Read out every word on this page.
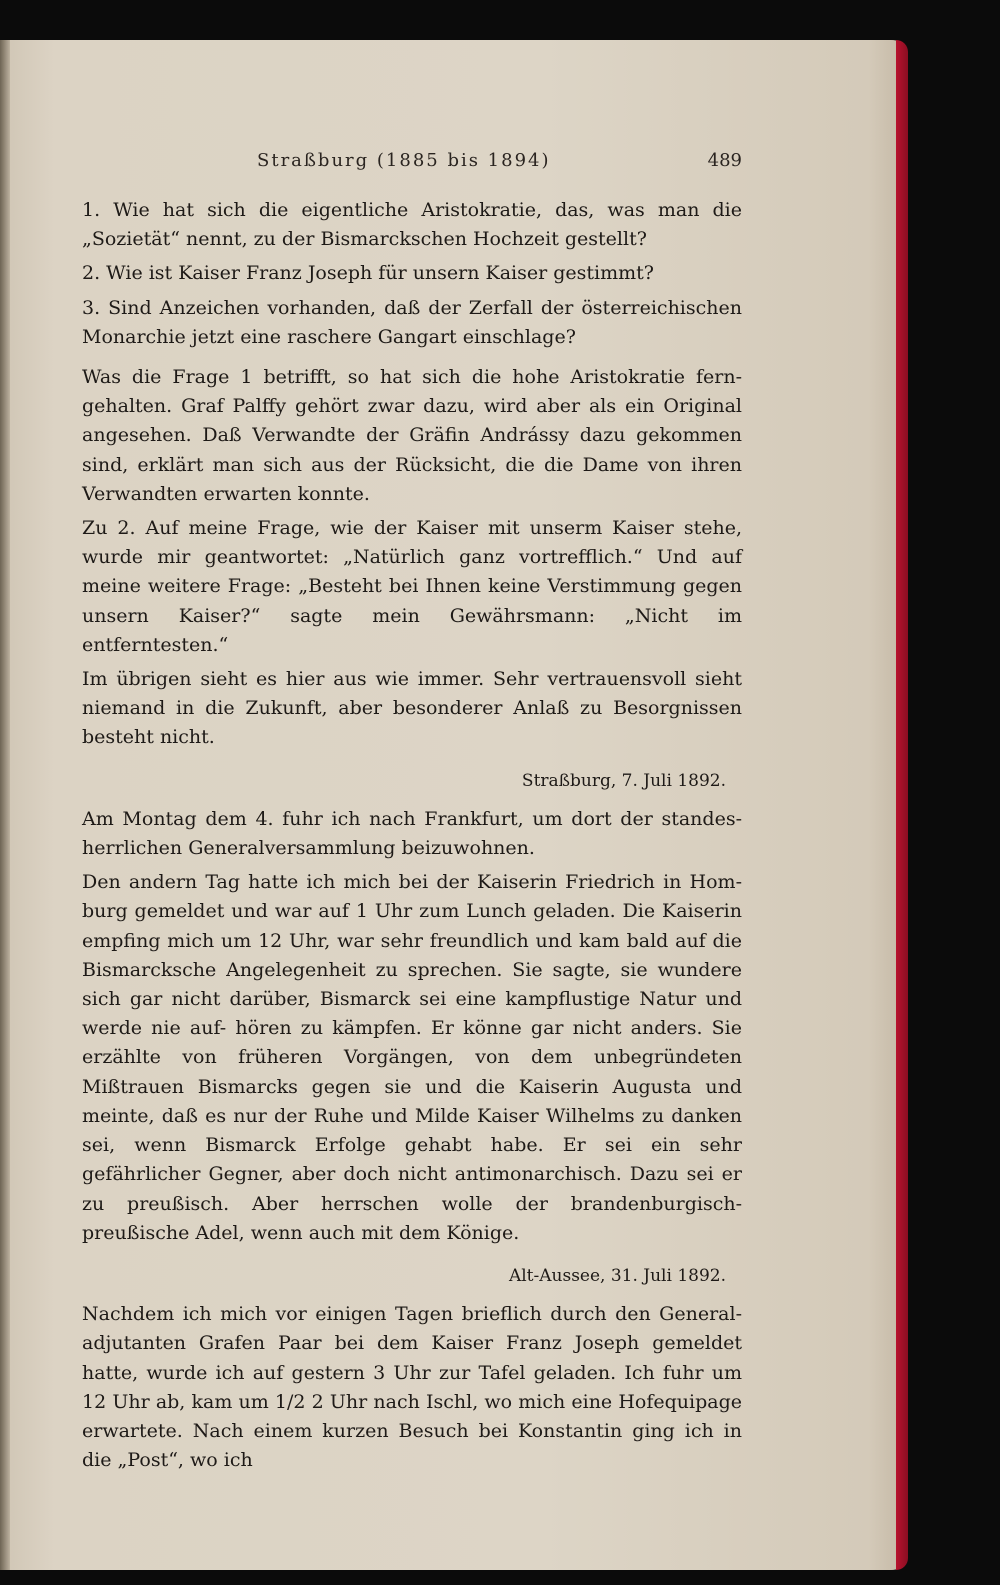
Straßburg (1885 bis 1894)	489

1. Wie hat sich die eigentliche Aristokratie, das, was man die „Sozietät“ nennt, zu der Bismarckschen Hochzeit gestellt?

2. Wie ist Kaiser Franz Joseph für unsern Kaiser gestimmt?

3. Sind Anzeichen vorhanden, daß der Zerfall der österreichischen Monarchie jetzt eine raschere Gangart einschlage?

Was die Frage 1 betrifft, so hat sich die hohe Aristokratie fern- gehalten. Graf Palffy gehört zwar dazu, wird aber als ein Original angesehen. Daß Verwandte der Gräfin Andrássy dazu gekommen sind, erklärt man sich aus der Rücksicht, die die Dame von ihren Verwandten erwarten konnte.

Zu 2. Auf meine Frage, wie der Kaiser mit unserm Kaiser stehe, wurde mir geantwortet: „Natürlich ganz vortrefflich.“ Und auf meine weitere Frage: „Besteht bei Ihnen keine Verstimmung gegen unsern Kaiser?“ sagte mein Gewährsmann: „Nicht im entferntesten.“

Im übrigen sieht es hier aus wie immer. Sehr vertrauensvoll sieht niemand in die Zukunft, aber besonderer Anlaß zu Besorgnissen besteht nicht.

Straßburg, 7. Juli 1892.

Am Montag dem 4. fuhr ich nach Frankfurt, um dort der standes- herrlichen Generalversammlung beizuwohnen.

Den andern Tag hatte ich mich bei der Kaiserin Friedrich in Hom- burg gemeldet und war auf 1 Uhr zum Lunch geladen. Die Kaiserin empfing mich um 12 Uhr, war sehr freundlich und kam bald auf die Bismarcksche Angelegenheit zu sprechen. Sie sagte, sie wundere sich gar nicht darüber, Bismarck sei eine kampflustige Natur und werde nie auf- hören zu kämpfen. Er könne gar nicht anders. Sie erzählte von früheren Vorgängen, von dem unbegründeten Mißtrauen Bismarcks gegen sie und die Kaiserin Augusta und meinte, daß es nur der Ruhe und Milde Kaiser Wilhelms zu danken sei, wenn Bismarck Erfolge gehabt habe. Er sei ein sehr gefährlicher Gegner, aber doch nicht antimonarchisch. Dazu sei er zu preußisch. Aber herrschen wolle der brandenburgisch-preußische Adel, wenn auch mit dem Könige.

Alt-Aussee, 31. Juli 1892.

Nachdem ich mich vor einigen Tagen brieflich durch den General- adjutanten Grafen Paar bei dem Kaiser Franz Joseph gemeldet hatte, wurde ich auf gestern 3 Uhr zur Tafel geladen. Ich fuhr um 12 Uhr ab, kam um 1/2 2 Uhr nach Ischl, wo mich eine Hofequipage erwartete. Nach einem kurzen Besuch bei Konstantin ging ich in die „Post“, wo ich
